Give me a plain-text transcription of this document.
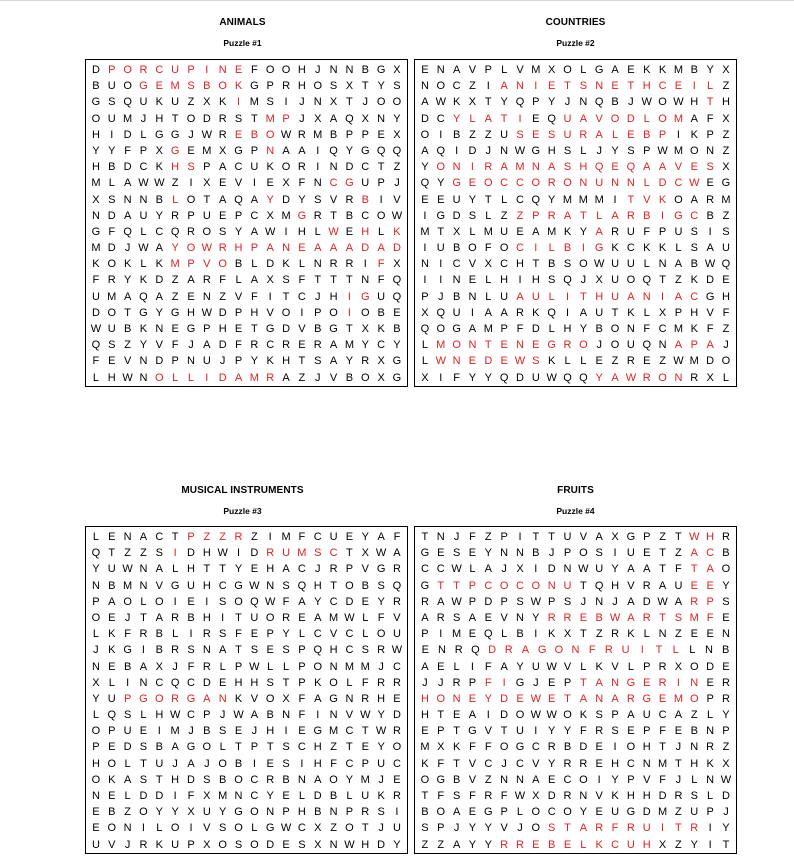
ANIMALS
Puzzle #1
D P O R C U P I N E F O O H J N N B G X
B U O G E M S B O K G P R H O S X T Y S
G S Q U K U Z X K I M S I	J N X T J O O
O U M J H T O D R S T M P J X A Q X N Y
H I D L G G J W R E B O W R M B P P E X
Y Y F P X G E M X G P N A A I Q Y G Q Q
H B D C K H S P A C U K O R I N D C T Z
M L A W W Z I X E V I E X F N C G U P J
X S N N B L O T A Q A Y D Y S V R B I V
N D A U Y R P U E P C X M G R T B C O W
G F Q L C Q R O S Y A W I H L W E H L K
M D J W A Y O W R H P A N E A A A D A D
K O K L K M P V O B L D K L N R R I F X
F R Y K D Z A R F L A X S F T T T N F Q
U M A Q A Z E N Z V F I T C J H I G U Q
D O T G Y G H W D P H V O I P O I O B E
W U B K N E G P H E T G D V B G T X K B
Q S Z Y V F J A D F R C R E R A M Y C Y
F E V N D P N U J P Y K H T S A Y R X G
L H W N O L L	I D A M R A Z J V B O X G
COUNTRIES
Puzzle #2
E N A V P L V M X O L G A E K K M B Y X
N O C Z I A N I E T S N E T H C E I	L Z
A W K X T Y Q P Y J N Q B J W O W H T H
D C Y L A T I E Q U A V O D L O M A F X
O I B Z Z U S E S U R A L E B P I K P Z
A Q I D J N W G H S L J Y S P W M O N Z
Y O N I R A M N A S H Q E Q A A V E S X
Q Y G E O C C O R O N U N N L D C W E G
E E U Y T L C Q Y M M M I T V K O A R M
I G D S L Z Z P R A T L A R B I G C B Z
M T X L M U E A M K Y A R U F P U S I S
I U B O F O C I	L B I G K C K K L S A U
N I C V X C H T B S O W U U L N A B W Q
I	I N E L H I H S Q J X U O Q T Z K D E
P J B N L U A U L	I T H U A N I A C G H
X Q U I A A R K Q I A U T K L X P H V F
Q O G A M P F D L H Y B O N F C M K F Z
L M O N T E N E G R O J O U Q N A P A J
L W N E D E W S K L L E Z R E Z W M D O
X I F Y Y Q D U W Q Q Y A W R O N R X L
MUSICAL INSTRUMENTS
Puzzle #3
L E N A C T P Z Z R Z I M F C U E Y A F
Q T Z Z S I D H W I D R U M S C T X W A
Y U W N A L H T T Y E H A C J R P V G R
N B M N V G U H C G W N S Q H T O B S Q
P A O L O I E I S O Q W F A Y C D E Y R
O E J T A R B H I T U O R E A M W L F V
L K F R B L	I R S F E P Y L C V C L O U
J K G I B R S N A T S E S P Q H C S R W
N E B A X J F R L P W L L P O N M M J C
X L	I N C Q C D E H H S T P K O L F R R
Y U P G O R G A N K V O X F A G N R H E
L Q S L H W C P J W A B N F I N V W Y D
O P U E I M J B S E J H I E G M C T W R
P E D S B A G O L T P T S C H Z T E Y O
H O L T U J A J O B I E S I H F C P U C
O K A S T H D S B O C R B N A O Y M J E
N E L D D I F X M N C Y E L D B L U K R
E B Z O Y Y X U Y G O N P H B N P R S I
E O N I	L O I V S O L G W C X Z O T J U
U V J R K U P X O S O D E S X N W H D Y
FRUITS
Puzzle #4
T N J F Z P I T T U V A X G P Z T W H R
G E S E Y N N B J P O S I U E T Z A C B
C C W L A J X I D N W U Y A A T F T A O
G T T P C O C O N U T Q H V R A U E E Y
R A W P D P S W P S J N J A D W A R P S
A R S A E V N Y R R E B W A R T S M F E
P I M E Q L B I K X T Z R K L N Z E E N
E N R Q D R A G O N F R U	I	T L L N B
A E L	I F A Y U W V L K V L P R X O D E
J J R P F I G J E P T A N G E R I N E R
H O N E Y D E W E T A N A R G E M O P R
H T E A I D O W W O K S P A U C A Z L Y
E P T G V T U I Y Y F R S E P F E B N P
M X K F F O G C R B D E I O H T J N R Z
K F T V C J C V Y R R E H C N M T H K X
O G B V Z N N A E C O I Y P V F J L N W
T F S F R F W X D R N V K H H D R S L D
B O A E G P L O C O Y E U G D M Z U P J
S P J Y Y V J O S T A R F R U I T R I Y
Z Z A Y Y R R E B E L K C U H X Z Y I T
